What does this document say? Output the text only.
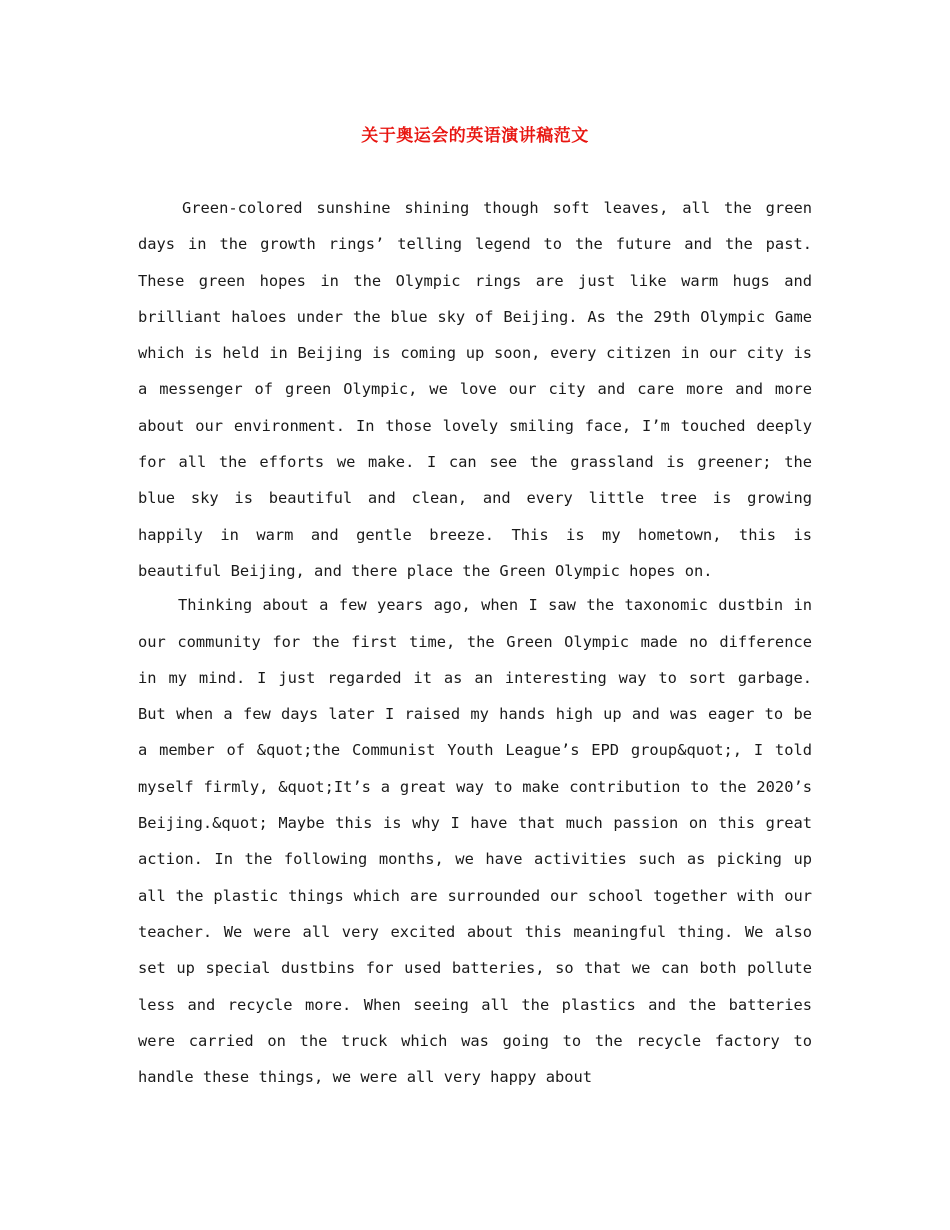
关于奥运会的英语演讲稿范文

Green-colored sunshine shining though soft leaves, all the green days in the growth rings’ telling legend to the future and the past. These green hopes in the Olympic rings are just like warm hugs and brilliant haloes under the blue sky of Beijing. As the 29th Olympic Game which is held in Beijing is coming up soon, every citizen in our city is a messenger of green Olympic, we love our city and care more and more about our environment. In those lovely smiling face, I’m touched deeply for all the efforts we make. I can see the grassland is greener; the blue sky is beautiful and clean, and every little tree is growing happily in warm and gentle breeze. This is my hometown, this is beautiful Beijing, and there place the Green Olympic hopes on.

Thinking about a few years ago, when I saw the taxonomic dustbin in our community for the first time, the Green Olympic made no difference in my mind. I just regarded it as an interesting way to sort garbage. But when a few days later I raised my hands high up and was eager to be a member of &quot;the Communist Youth League’s EPD group&quot;, I told myself firmly, &quot;It’s a great way to make contribution to the 2020’s Beijing.&quot; Maybe this is why I have that much passion on this great action. In the following months, we have activities such as picking up all the plastic things which are surrounded our school together with our teacher. We were all very excited about this meaningful thing. We also set up special dustbins for used batteries, so that we can both pollute less and recycle more. When seeing all the plastics and the batteries were carried on the truck which was going to the recycle factory to handle these things, we were all very happy about
